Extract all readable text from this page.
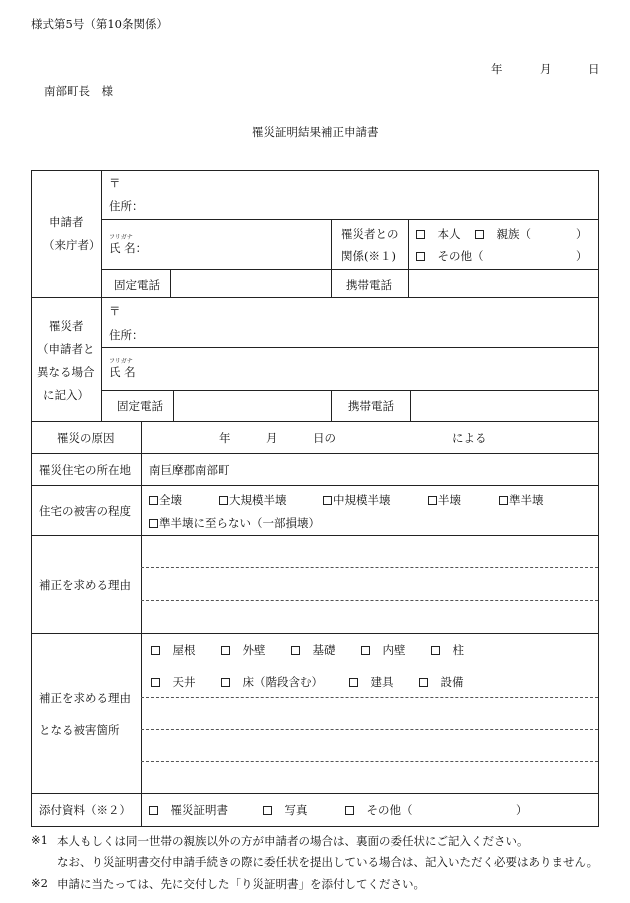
様式第5号（第10条関係）
年	月	日
南部町長　様
罹災証明結果補正申請書
申請者
（来庁者）
〒
住所：
フリガナ
氏 名：
罹災者との
関係(※１)
　本人
　	親族（	）
　その他（	）
固定電話	携帯電話
罹災者
（申請者と
異なる場合
に記入）
〒
住所：
フリガナ
氏 名
固定電話	携帯電話
罹災の原因	年	月	日の	による
罹災住宅の所在地 南巨摩郡南部町
住宅の被害の程度
全壊	大規模半壊	中規模半壊	半壊	準半壊
準半壊に至らない（一部損壊）
補正を求める理由
補正を求める理由
となる被害箇所
　屋根
　	外壁
　	基礎
　	内壁
　	柱
　天井
　	床（階段含む）
　	建具
　	設備
添付資料（※２）
　	罹災証明書
　	写真
　	その他（	）
※1 本人もしくは同一世帯の親族以外の方が申請者の場合は、裏面の委任状にご記入ください。
なお、り災証明書交付申請手続きの際に委任状を提出している場合は、記入いただく必要はありません。
※2 申請に当たっては、先に交付した「り災証明書」を添付してください。
